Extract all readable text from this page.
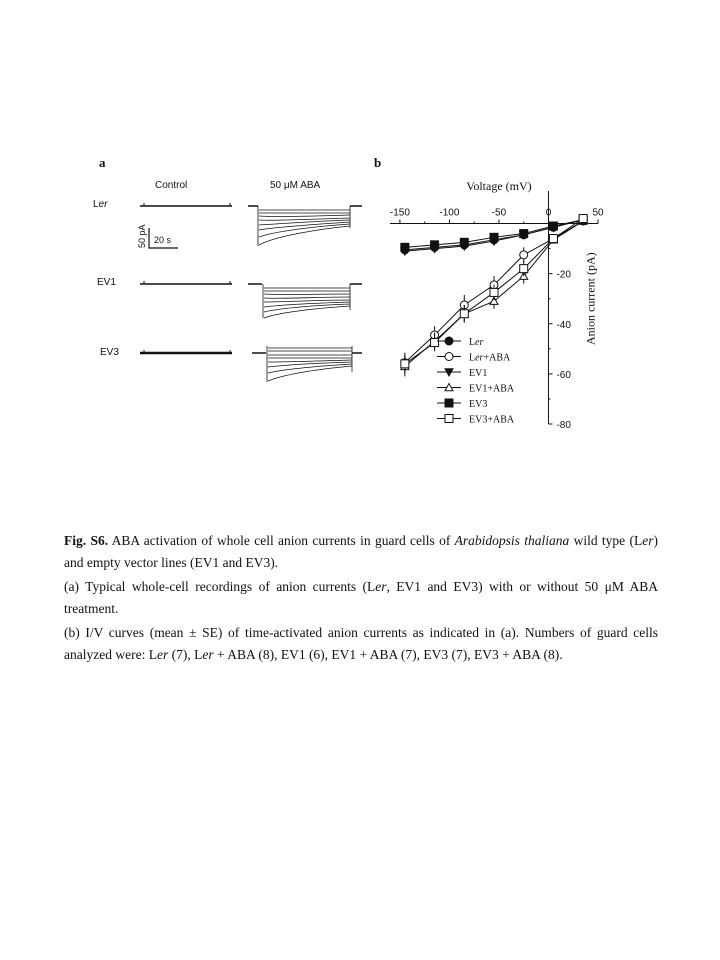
a	b
Control	50 μM ABA
Ler
EV1
EV3
50 pA 20 s
-150	-100	-50	0	50
-20
-40
-60
-80
Voltage (mV)
Anion current (pA)
Ler
Ler+ABA
EV1
EV1+ABA
EV3
EV3+ABA

Fig. S6. ABA activation of whole cell anion currents in guard cells of Arabidopsis thaliana wild type (Ler) and empty vector lines (EV1 and EV3).

(a) Typical whole-cell recordings of anion currents (Ler, EV1 and EV3) with or without 50 μM ABA treatment.

(b) I/V curves (mean ± SE) of time-activated anion currents as indicated in (a). Numbers of guard cells analyzed were: Ler (7), Ler + ABA (8), EV1 (6), EV1 + ABA (7), EV3 (7), EV3 + ABA (8).
